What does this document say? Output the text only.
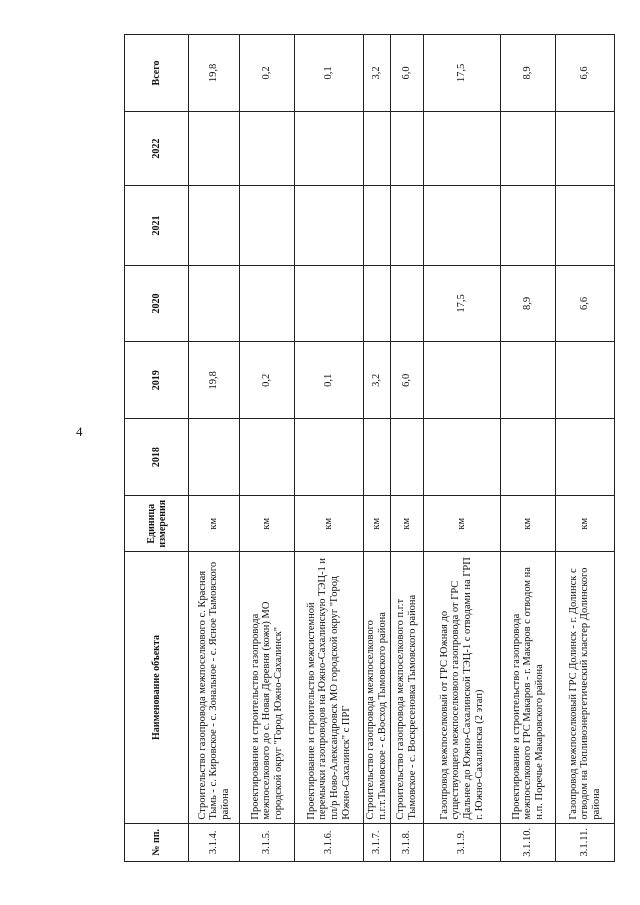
4
№ пп.	Наименование объекта	Единица измерения	2018	2019	2020	2021	2022	Всего
3.1.4.	Строительство газопровода межпоселкового с. Красная Тымь - с. Кировское - с. Зональное - с. Ясное Тымовского района	км		19,8				19,8
3.1.5.	Проектирование и строительство газопровода межпоселкового до с. Новая Деревня (кожн) МО городской округ "Город Южно-Сахалинск"	км		0,2				0,2
3.1.6.	Проектирование и строительство межсистемной перемычки газопроводов на Южно-Сахалинскую ТЭЦ-1 и пл/р Ново-Александровск МО городской округ "Город Южно-Сахалинск" с ПРГ	км		0,1				0,1
3.1.7.	Строительство газопровода межпоселкового п.г.т.Тымовское - с.Восход Тымовского района	км		3,2				3,2
3.1.8.	Строительство газопровода межпоселкового п.г.т Тымовское - с. Воскресеновка Тымовского района	км		6,0				6,0
3.1.9.	Газопровод межпоселковый от ГРС Южная до существующего межпоселкового газопровода от ГРС Дальнее до Южно-Сахалинской ТЭЦ-1 с отводами на ГРП г. Южно-Сахалинска (2 этап)	км			17,5			17,5
3.1.10.	Проектирование и строительство газопровода межпоселкового ГРС Макаров - г. Макаров с отводом на н.п. Поречье Макаровского района	км			8,9			8,9
3.1.11.	Газопровод межпоселковый ГРС Долинск - г. Долинск с отводом на Топливоэнергетический кластер Долинского района	км			6,6			6,6
